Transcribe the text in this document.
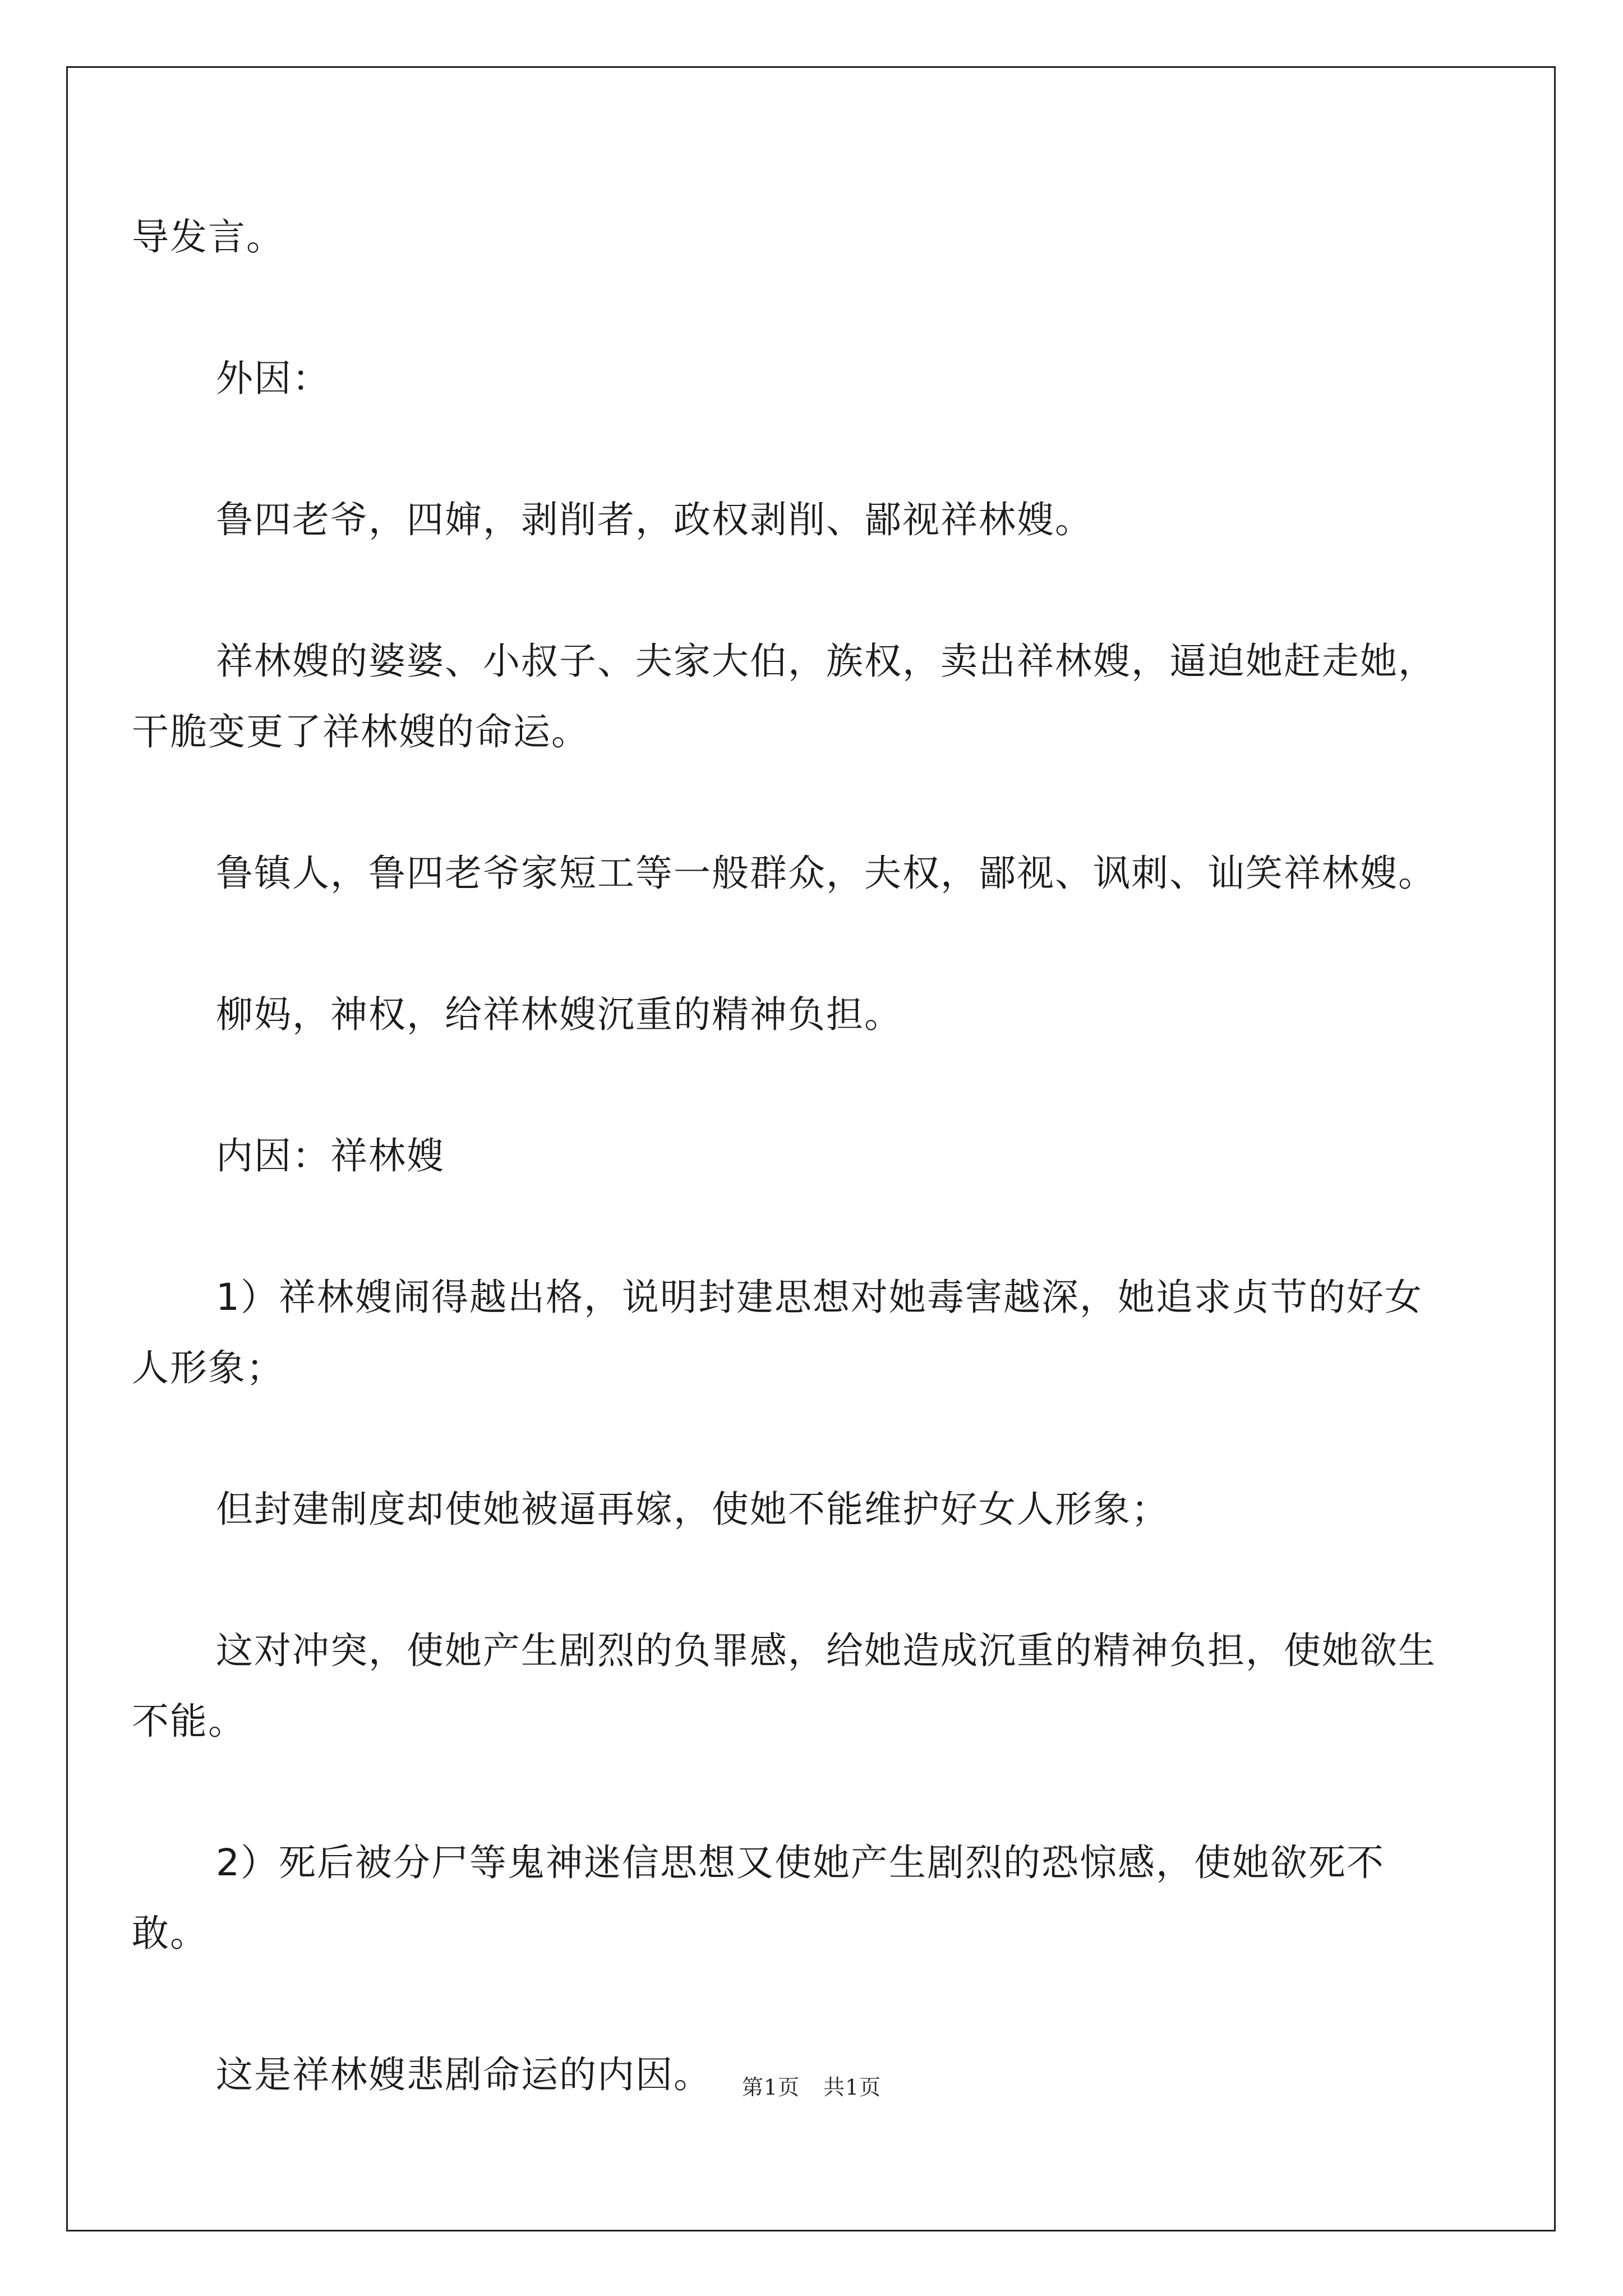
导发言。

外因：

鲁四老爷，四婶，剥削者，政权剥削、鄙视祥林嫂。

祥林嫂的婆婆、小叔子、夫家大伯，族权，卖出祥林嫂，逼迫她赶走她，干脆变更了祥林嫂的命运。

鲁镇人，鲁四老爷家短工等一般群众，夫权，鄙视、讽刺、讪笑祥林嫂。

柳妈，神权，给祥林嫂沉重的精神负担。

内因：祥林嫂

1）祥林嫂闹得越出格，说明封建思想对她毒害越深，她追求贞节的好女人形象；

但封建制度却使她被逼再嫁，使她不能维护好女人形象；

这对冲突，使她产生剧烈的负罪感，给她造成沉重的精神负担，使她欲生不能。

2）死后被分尸等鬼神迷信思想又使她产生剧烈的恐惊感，使她欲死不敢。

这是祥林嫂悲剧命运的内因。	第1页 共1页
